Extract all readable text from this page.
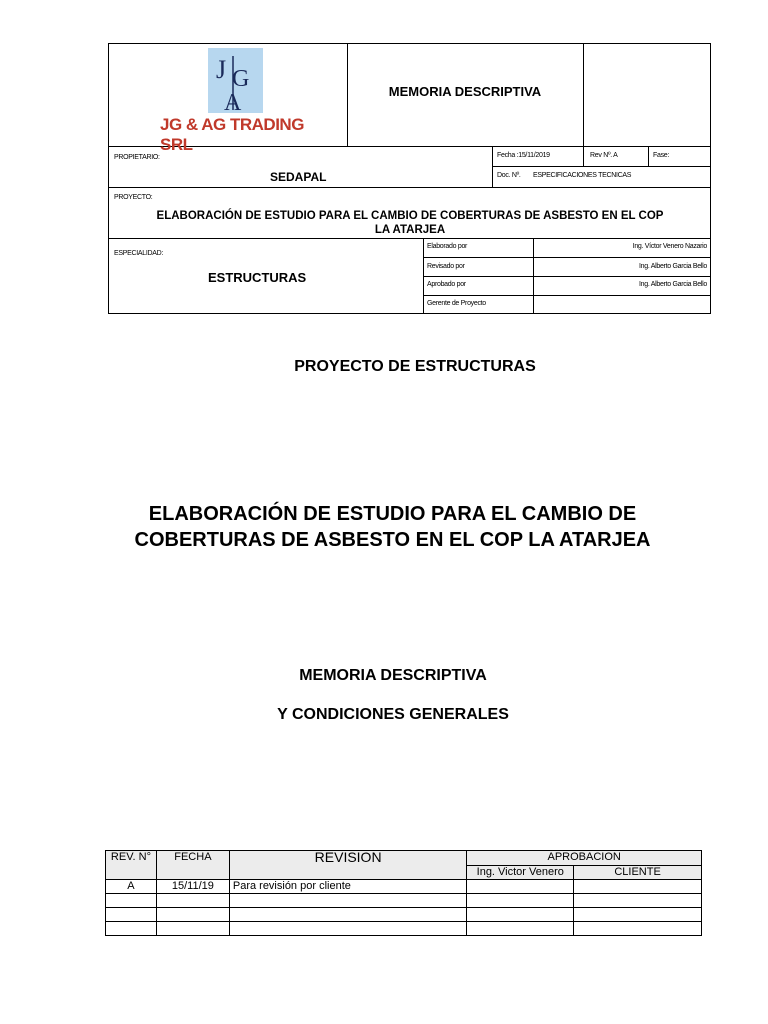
J G
A
JG & AG TRADING SRL
MEMORIA DESCRIPTIVA
PROPIETARIO:
SEDAPAL
Fecha :15/11/2019	Rev Nº. A	Fase:
Doc. Nº. ESPECIFICACIONES TECNICAS
PROYECTO:
ELABORACIÓN DE ESTUDIO PARA EL CAMBIO DE COBERTURAS DE ASBESTO EN EL COP
LA ATARJEA
ESPECIALIDAD:
ESTRUCTURAS
Elaborado por	Ing. Víctor Venero Nazario
Revisado por	Ing. Alberto Garcia Bello
Aprobado por	Ing. Alberto Garcia Bello
Gerente de Proyecto
PROYECTO DE ESTRUCTURAS
ELABORACIÓN DE ESTUDIO PARA EL CAMBIO DE
COBERTURAS DE ASBESTO EN EL COP LA ATARJEA
MEMORIA DESCRIPTIVA
Y CONDICIONES GENERALES
REV. N°	FECHA	REVISION	APROBACION	
			Ing. Victor Venero	CLIENTE
A	15/11/19	Para revisión por cliente		
